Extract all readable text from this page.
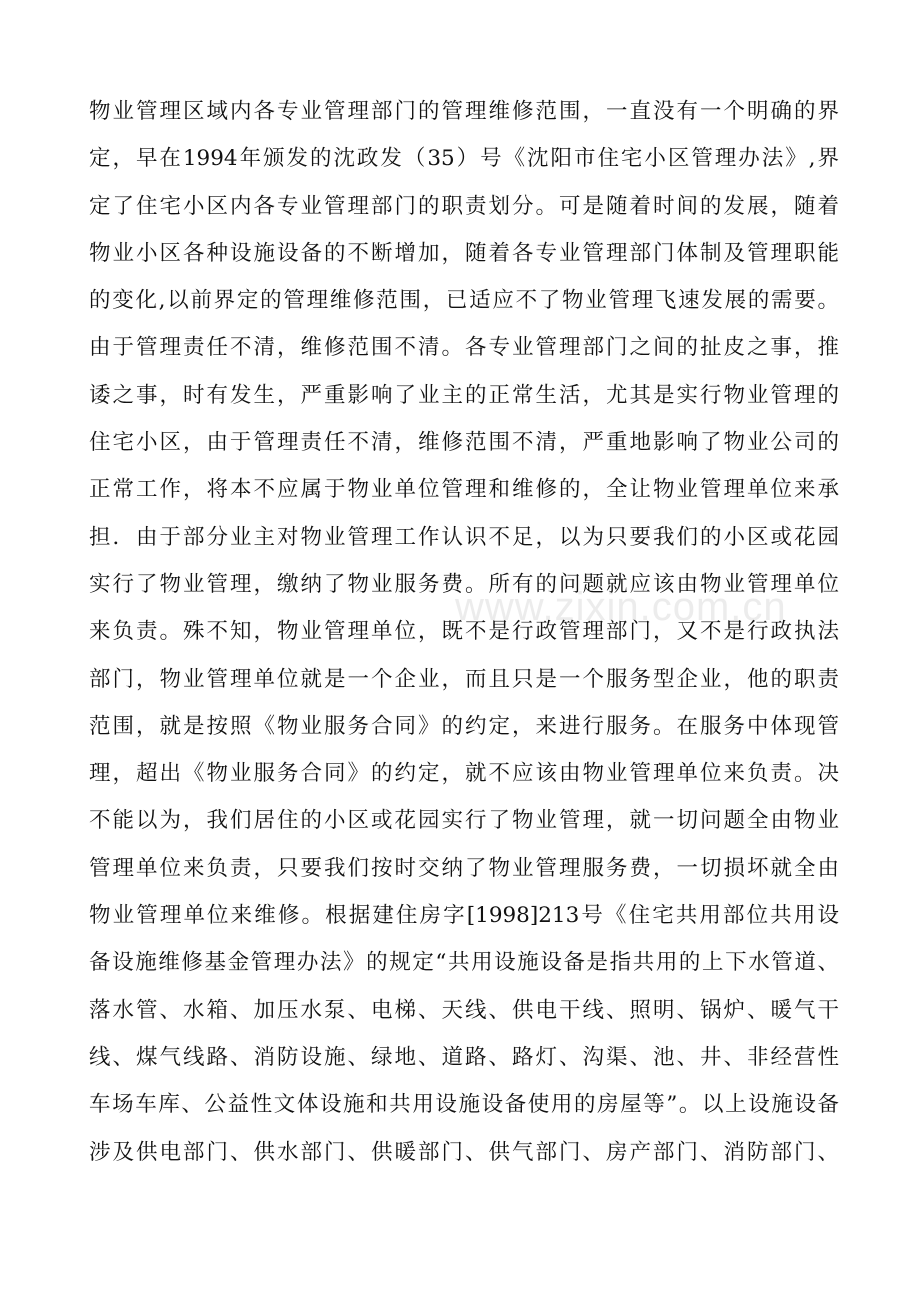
物业管理区域内各专业管理部门的管理维修范围，一直没有一个明确的界
定，早在1994年颁发的沈政发（35）号《沈阳市住宅小区管理办法》,界
定了住宅小区内各专业管理部门的职责划分。可是随着时间的发展，随着
物业小区各种设施设备的不断增加，随着各专业管理部门体制及管理职能
的变化,以前界定的管理维修范围，已适应不了物业管理飞速发展的需要。
由于管理责任不清，维修范围不清。各专业管理部门之间的扯皮之事，推
诿之事，时有发生，严重影响了业主的正常生活，尤其是实行物业管理的
住宅小区，由于管理责任不清，维修范围不清，严重地影响了物业公司的
正常工作，将本不应属于物业单位管理和维修的，全让物业管理单位来承
担．由于部分业主对物业管理工作认识不足，以为只要我们的小区或花园
实行了物业管理，缴纳了物业服务费。所有的问题就应该由物业管理单位
来负责。殊不知，物业管理单位，既不是行政管理部门，又不是行政执法
部门，物业管理单位就是一个企业，而且只是一个服务型企业，他的职责
范围，就是按照《物业服务合同》的约定，来进行服务。在服务中体现管
理，超出《物业服务合同》的约定，就不应该由物业管理单位来负责。决
不能以为，我们居住的小区或花园实行了物业管理，就一切问题全由物业
管理单位来负责，只要我们按时交纳了物业管理服务费，一切损坏就全由
物业管理单位来维修。根据建住房字[1998]213号《住宅共用部位共用设
备设施维修基金管理办法》的规定“共用设施设备是指共用的上下水管道、
落水管、水箱、加压水泵、电梯、天线、供电干线、照明、锅炉、暖气干
线、煤气线路、消防设施、绿地、道路、路灯、沟渠、池、井、非经营性
车场车库、公益性文体设施和共用设施设备使用的房屋等”。以上设施设备
涉及供电部门、供水部门、供暖部门、供气部门、房产部门、消防部门、
www.zixin.com.cn
